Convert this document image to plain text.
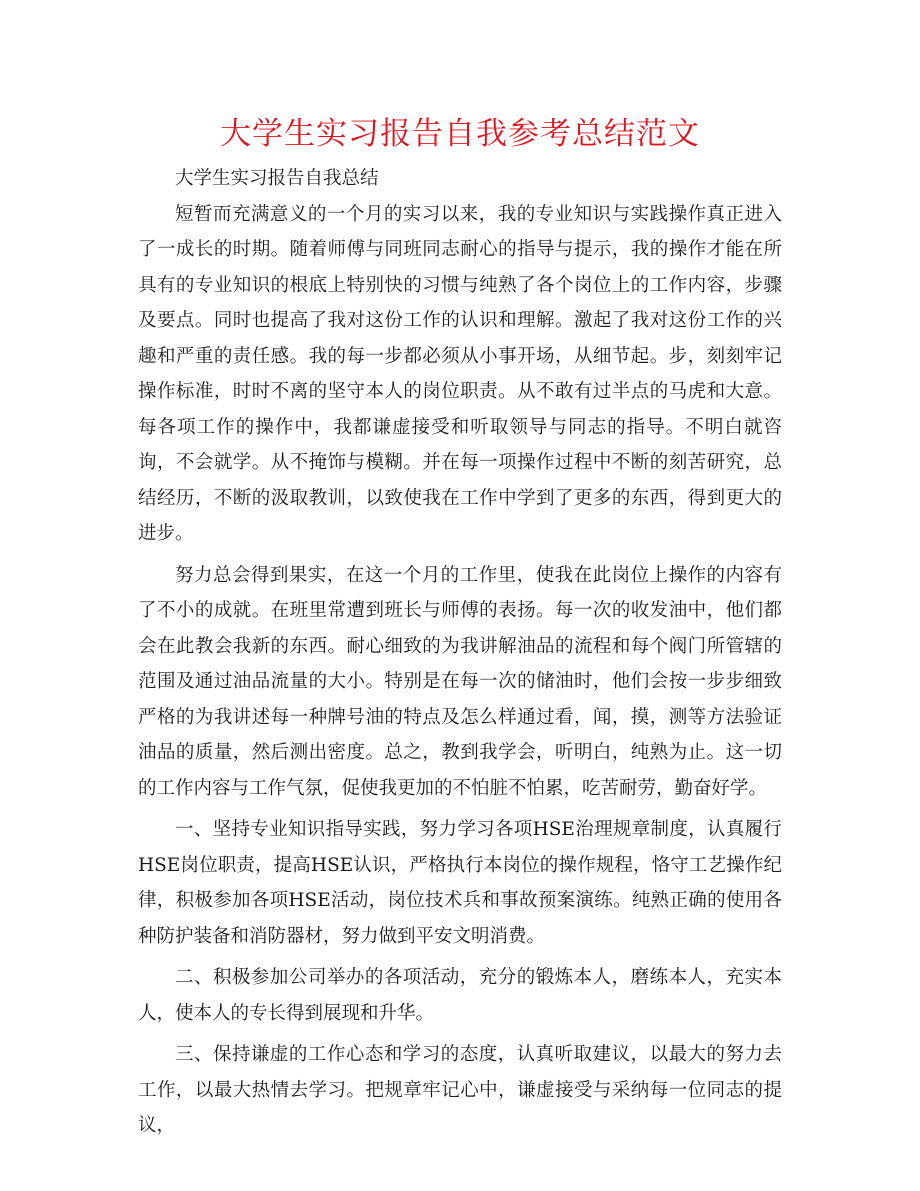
大学生实习报告自我参考总结范文

大学生实习报告自我总结

短暂而充满意义的一个月的实习以来，我的专业知识与实践操作真正进入了一成长的时期。随着师傅与同班同志耐心的指导与提示，我的操作才能在所具有的专业知识的根底上特别快的习惯与纯熟了各个岗位上的工作内容，步骤及要点。同时也提高了我对这份工作的认识和理解。激起了我对这份工作的兴趣和严重的责任感。我的每一步都必须从小事开场，从细节起。步，刻刻牢记操作标准，时时不离的坚守本人的岗位职责。从不敢有过半点的马虎和大意。每各项工作的操作中，我都谦虚接受和听取领导与同志的指导。不明白就咨询，不会就学。从不掩饰与模糊。并在每一项操作过程中不断的刻苦研究，总结经历，不断的汲取教训，以致使我在工作中学到了更多的东西，得到更大的进步。

努力总会得到果实，在这一个月的工作里，使我在此岗位上操作的内容有了不小的成就。在班里常遭到班长与师傅的表扬。每一次的收发油中，他们都会在此教会我新的东西。耐心细致的为我讲解油品的流程和每个阀门所管辖的范围及通过油品流量的大小。特别是在每一次的储油时，他们会按一步步细致严格的为我讲述每一种牌号油的特点及怎么样通过看，闻，摸，测等方法验证油品的质量，然后测出密度。总之，教到我学会，听明白，纯熟为止。这一切的工作内容与工作气氛，促使我更加的不怕脏不怕累，吃苦耐劳，勤奋好学。

一、坚持专业知识指导实践，努力学习各项HSE治理规章制度，认真履行HSE岗位职责，提高HSE认识，严格执行本岗位的操作规程，恪守工艺操作纪律，积极参加各项HSE活动，岗位技术兵和事故预案演练。纯熟正确的使用各种防护装备和消防器材，努力做到平安文明消费。

二、积极参加公司举办的各项活动，充分的锻炼本人，磨练本人，充实本人，使本人的专长得到展现和升华。

三、保持谦虚的工作心态和学习的态度，认真听取建议，以最大的努力去工作，以最大热情去学习。把规章牢记心中，谦虚接受与采纳每一位同志的提议，
